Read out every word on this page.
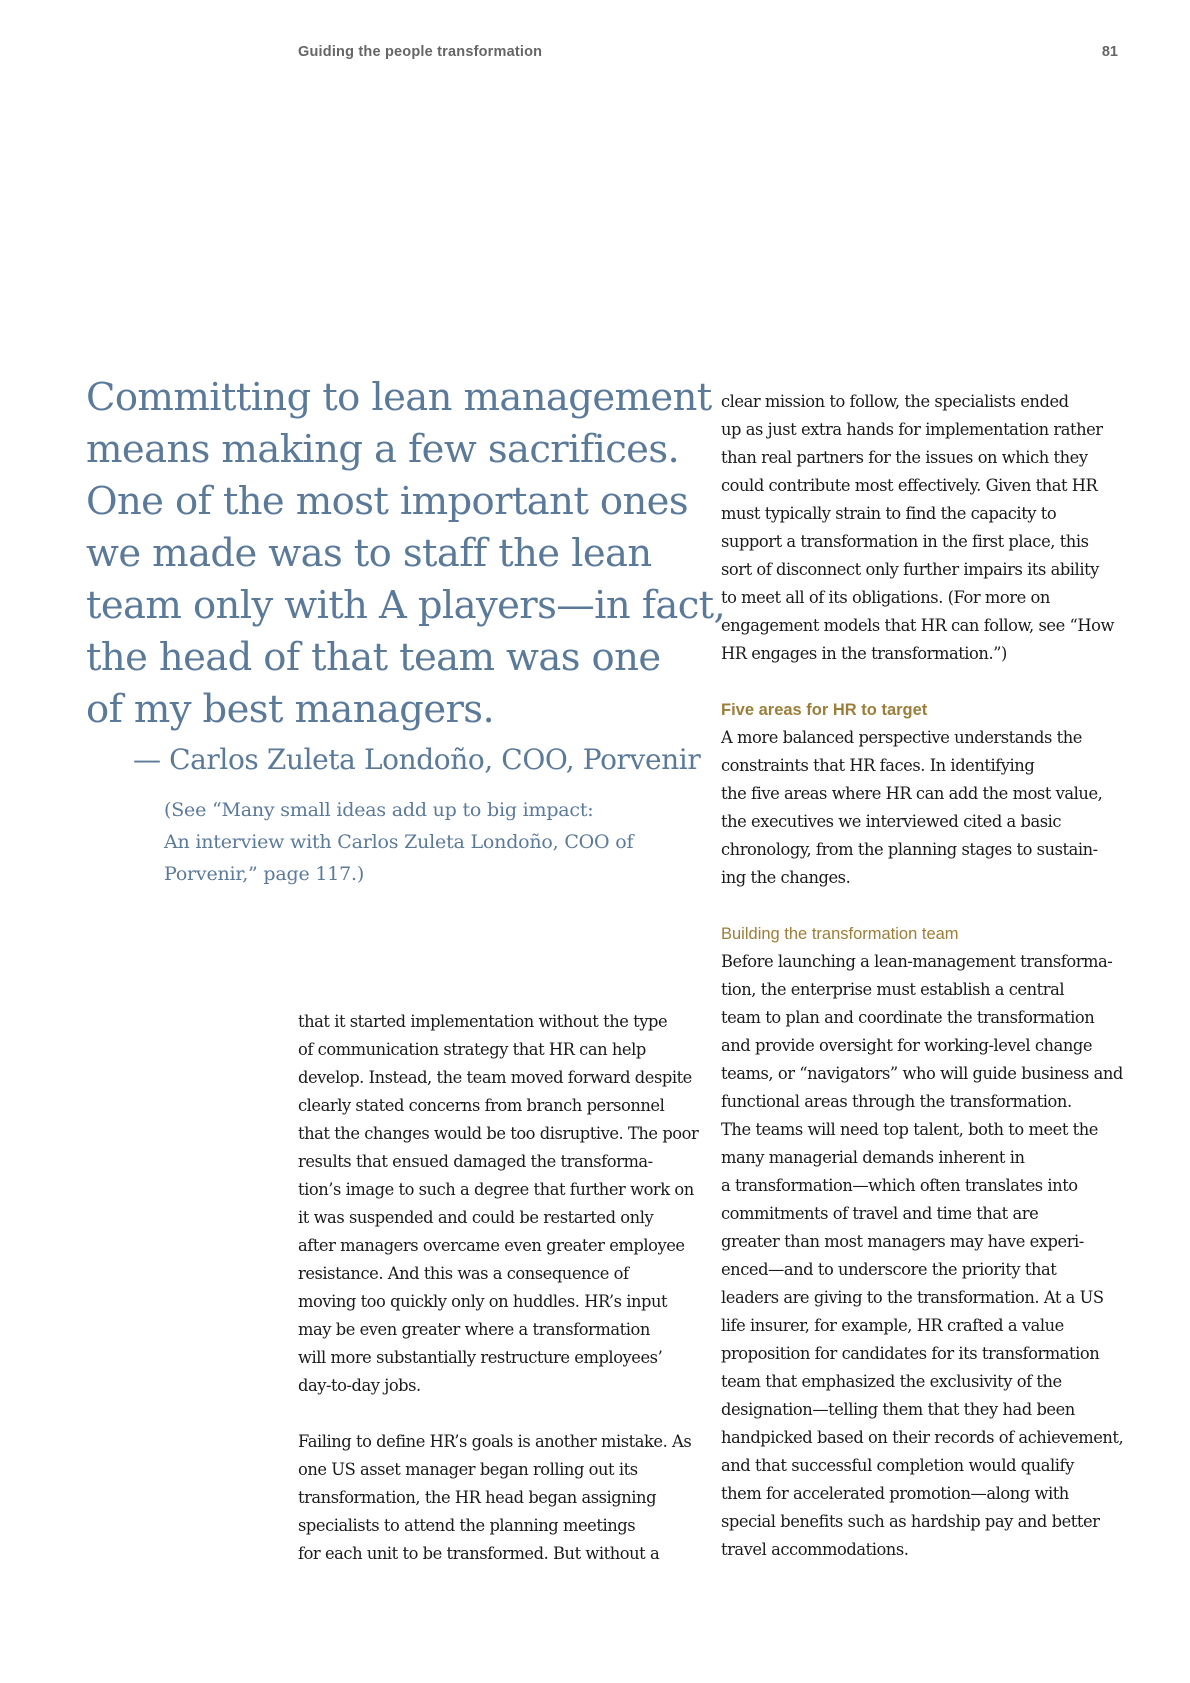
Guiding the people transformation	81
Committing to lean management
means making a few sacrifices.
One of the most important ones
we made was to staff the lean
team only with A players—in fact,
the head of that team was one
of my best managers.
— Carlos Zuleta Londoño, COO, Porvenir
(See “Many small ideas add up to big impact:
An interview with Carlos Zuleta Londoño, COO of
Porvenir,” page 117.)
that it started implementation without the type
of communication strategy that HR can help
develop. Instead, the team moved forward despite
clearly stated concerns from branch personnel
that the changes would be too disruptive. The poor
results that ensued damaged the transforma-
tion’s image to such a degree that further work on
it was suspended and could be restarted only
after managers overcame even greater employee
resistance. And this was a consequence of
moving too quickly only on huddles. HR’s input
may be even greater where a transformation
will more substantially restructure employees’
day-to-day jobs.
Failing to define HR’s goals is another mistake. As
one US asset manager began rolling out its
transformation, the HR head began assigning
specialists to attend the planning meetings
for each unit to be transformed. But without a
clear mission to follow, the specialists ended
up as just extra hands for implementation rather
than real partners for the issues on which they
could contribute most effectively. Given that HR
must typically strain to find the capacity to
support a transformation in the first place, this
sort of disconnect only further impairs its ability
to meet all of its obligations. (For more on
engagement models that HR can follow, see “How
HR engages in the transformation.”)
Five areas for HR to target
A more balanced perspective understands the
constraints that HR faces. In identifying
the five areas where HR can add the most value,
the executives we interviewed cited a basic
chronology, from the planning stages to sustain-
ing the changes.
Building the transformation team
Before launching a lean-management transforma-
tion, the enterprise must establish a central
team to plan and coordinate the transformation
and provide oversight for working-level change
teams, or “navigators” who will guide business and
functional areas through the transformation.
The teams will need top talent, both to meet the
many managerial demands inherent in
a transformation—which often translates into
commitments of travel and time that are
greater than most managers may have experi-
enced—and to underscore the priority that
leaders are giving to the transformation. At a US
life insurer, for example, HR crafted a value
proposition for candidates for its transformation
team that emphasized the exclusivity of the
designation—telling them that they had been
handpicked based on their records of achievement,
and that successful completion would qualify
them for accelerated promotion—along with
special benefits such as hardship pay and better
travel accommodations.
